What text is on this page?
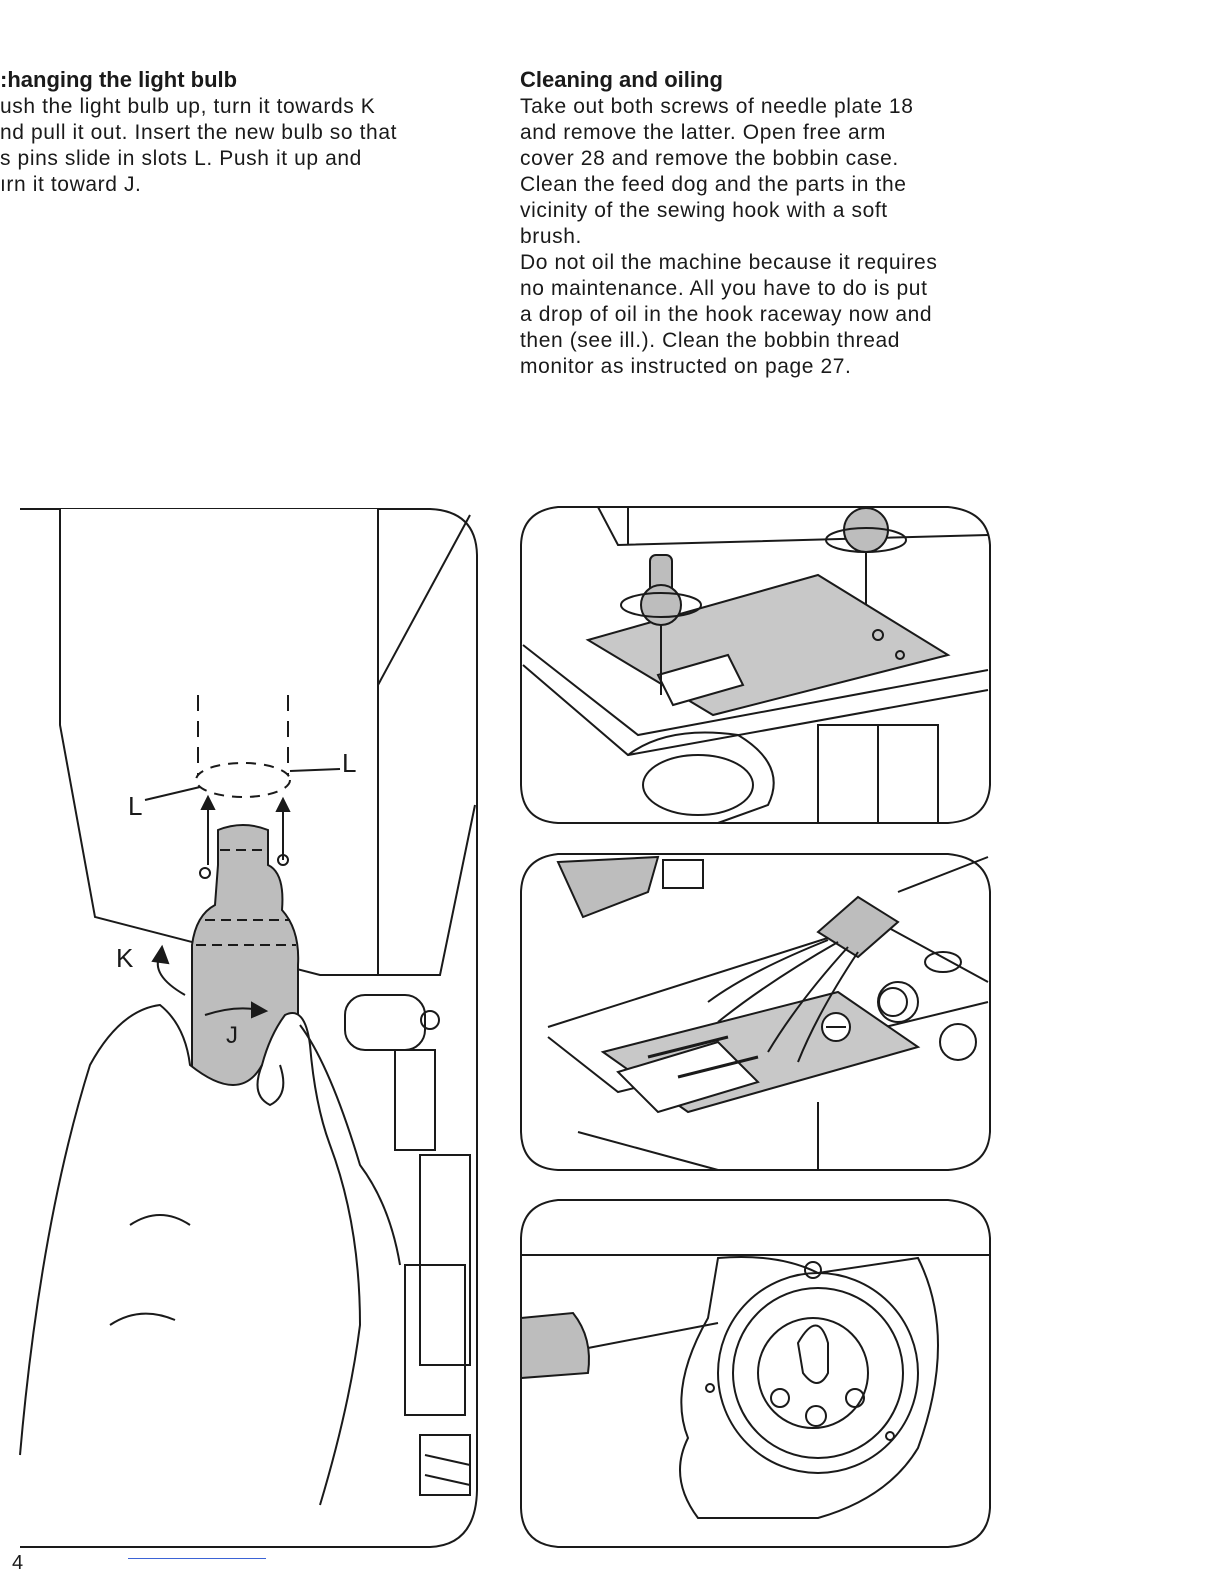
:hanging the light bulb

ush the light bulb up, turn it towards K
nd pull it out. Insert the new bulb so that
s pins slide in slots L. Push it up and
ırn it toward J.

Cleaning and oiling

Take out both screws of needle plate 18
and remove the latter. Open free arm
cover 28 and remove the bobbin case.
Clean the feed dog and the parts in the
vicinity of the sewing hook with a soft
brush.
Do not oil the machine because it requires
no maintenance. All you have to do is put
a drop of oil in the hook raceway now and
then (see ill.). Clean the bobbin thread
monitor as instructed on page 27.

L
L
K
J
4
